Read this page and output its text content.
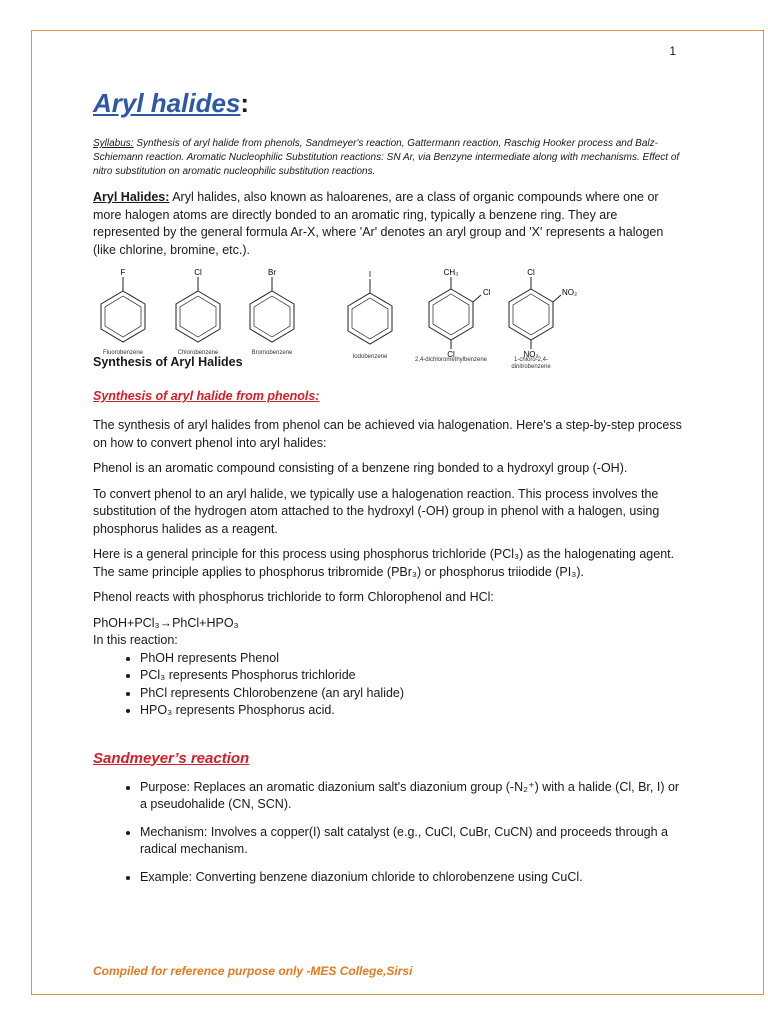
1
Aryl halides :
Syllabus: Synthesis of aryl halide from phenols, Sandmeyer's reaction, Gattermann reaction, Raschig Hooker process and Balz-Schiemann reaction. Aromatic Nucleophilic Substitution reactions: SN Ar, via Benzyne intermediate along with mechanisms. Effect of nitro substitution on aromatic nucleophilic substitution reactions.

Aryl Halides: Aryl halides, also known as haloarenes, are a class of organic compounds where one or more halogen atoms are directly bonded to an aromatic ring, typically a benzene ring. They are represented by the general formula Ar-X, where 'Ar' denotes an aryl group and 'X' represents a halogen (like chlorine, bromine, etc.).

F
Fluorobenzene
Cl
Chlorobenzene
Br
Bromobenzene
I
Iodobenzene
CH₃
Cl
Cl
2,4-dichloromethylbenzene
Cl
NO₂
NO₂
1-chloro-2,4-dinitrobenzene
Synthesis of Aryl Halides
Synthesis of aryl halide from phenols:

The synthesis of aryl halides from phenol can be achieved via halogenation. Here's a step-by-step process on how to convert phenol into aryl halides:

Phenol is an aromatic compound consisting of a benzene ring bonded to a hydroxyl group (-OH).

To convert phenol to an aryl halide, we typically use a halogenation reaction. This process involves the substitution of the hydrogen atom attached to the hydroxyl (-OH) group in phenol with a halogen, using phosphorus halides as a reagent.

Here is a general principle for this process using phosphorus trichloride (PCl₃) as the halogenating agent. The same principle applies to phosphorus tribromide (PBr₃) or phosphorus triiodide (PI₃).

Phenol reacts with phosphorus trichloride to form Chlorophenol and HCl:

PhOH+PCl₃→PhCl+HPO₃

In this reaction:

• PhOH represents Phenol
• PCl₃ represents Phosphorus trichloride
• PhCl represents Chlorobenzene (an aryl halide)
• HPO₃ represents Phosphorus acid.
Sandmeyer’s reaction
• Purpose: Replaces an aromatic diazonium salt's diazonium group (-N₂⁺) with a halide (Cl, Br, I) or a pseudohalide (CN, SCN).
• Mechanism: Involves a copper(I) salt catalyst (e.g., CuCl, CuBr, CuCN) and proceeds through a radical mechanism.
• Example: Converting benzene diazonium chloride to chlorobenzene using CuCl.
Compiled for reference purpose only -MES College,Sirsi
